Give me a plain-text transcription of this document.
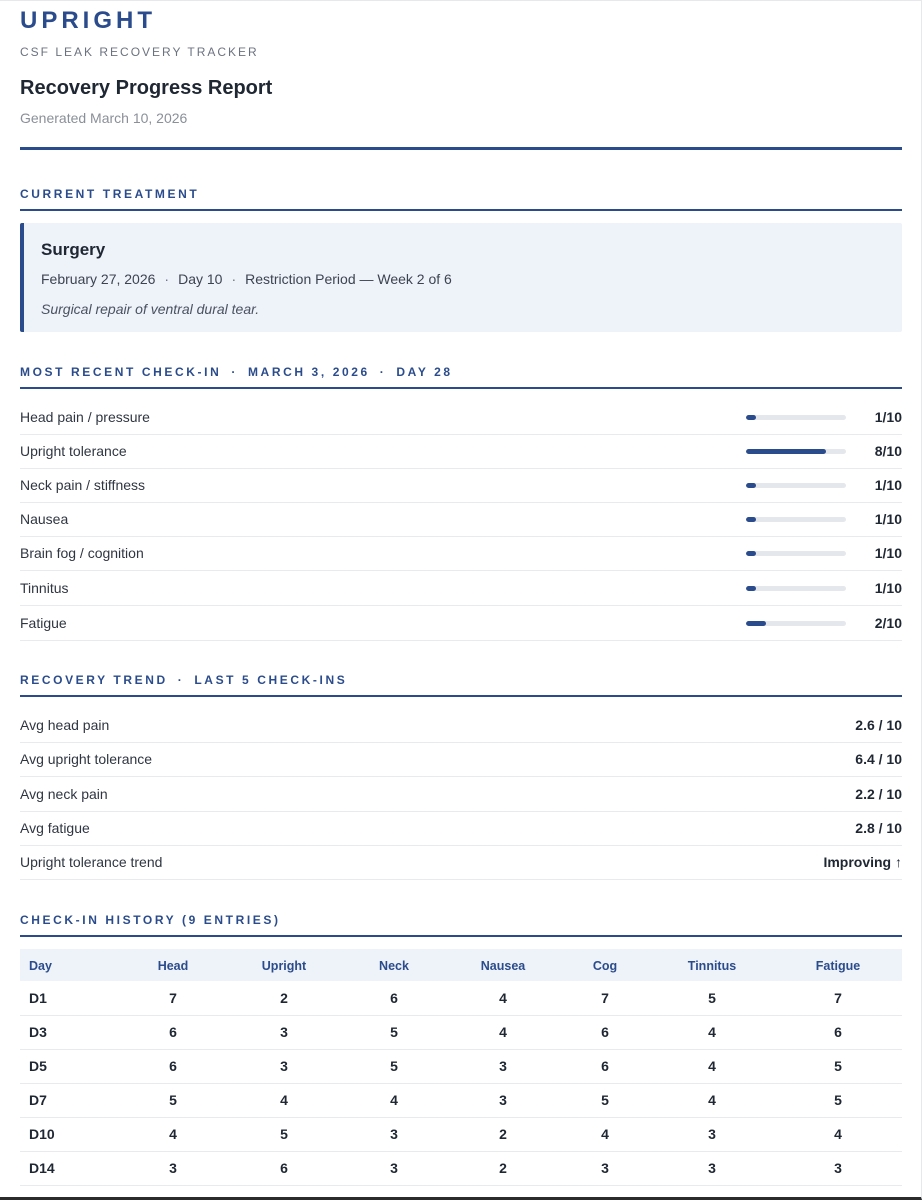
UPRIGHT
CSF LEAK RECOVERY TRACKER
Recovery Progress Report
Generated March 10, 2026
CURRENT TREATMENT
Surgery
February 27, 2026 · Day 10 · Restriction Period — Week 2 of 6
Surgical repair of ventral dural tear.
MOST RECENT CHECK-IN · MARCH 3, 2026 · DAY 28
Head pain / pressure	1/10
Upright tolerance	8/10
Neck pain / stiffness	1/10
Nausea	1/10
Brain fog / cognition	1/10
Tinnitus	1/10
Fatigue	2/10
RECOVERY TREND · LAST 5 CHECK-INS
Avg head pain	2.6 / 10
Avg upright tolerance	6.4 / 10
Avg neck pain	2.2 / 10
Avg fatigue	2.8 / 10
Upright tolerance trend	Improving ↑
CHECK-IN HISTORY (9 ENTRIES)
Day	Head	Upright	Neck	Nausea	Cog	Tinnitus	Fatigue
D1	7	2	6	4	7	5	7
D3	6	3	5	4	6	4	6
D5	6	3	5	3	6	4	5
D7	5	4	4	3	5	4	5
D10	4	5	3	2	4	3	4
D14	3	6	3	2	3	3	3
